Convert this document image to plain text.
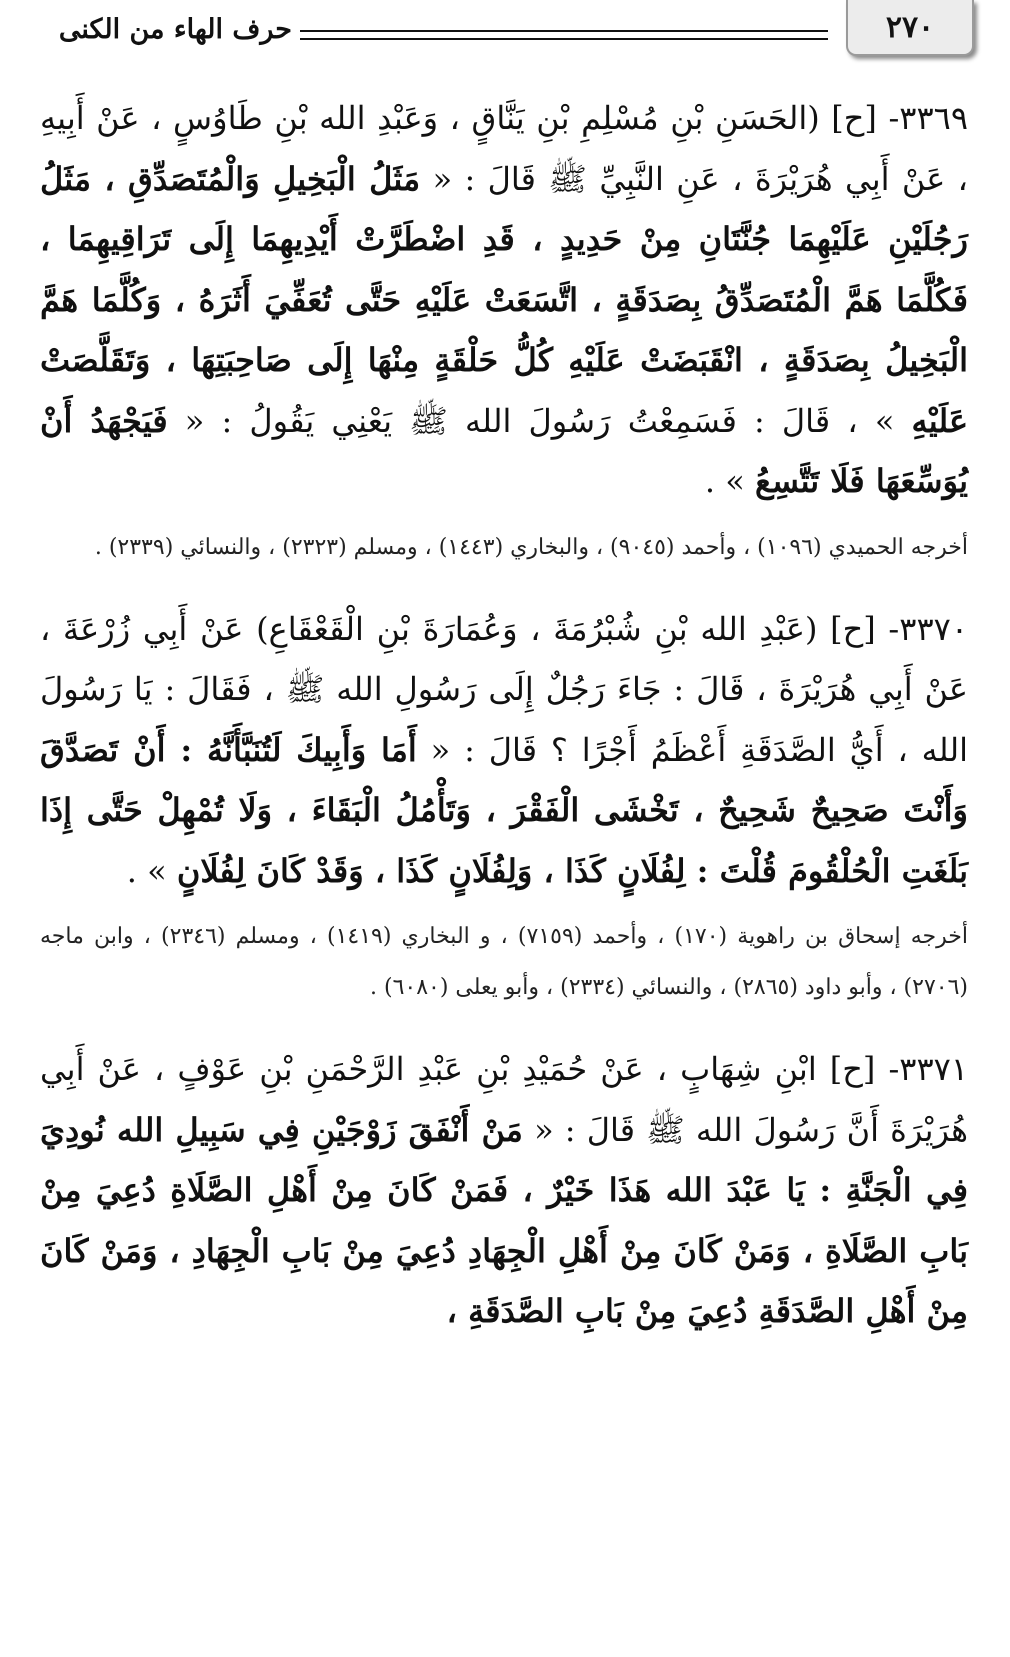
٢٧٠
حرف الهاء من الكنى

٣٣٦٩- [ح] (الحَسَنِ بْنِ مُسْلِمِ بْنِ يَنَّاقٍ ، وَعَبْدِ الله بْنِ طَاوُسٍ ، عَنْ أَبِيهِ ، عَنْ أَبِي هُرَيْرَةَ ، عَنِ النَّبِيِّ ﷺ قَالَ : « مَثَلُ الْبَخِيلِ وَالْمُتَصَدِّقِ ، مَثَلُ رَجُلَيْنِ عَلَيْهِمَا جُنَّتَانِ مِنْ حَدِيدٍ ، قَدِ اضْطَرَّتْ أَيْدِيهِمَا إِلَى تَرَاقِيهِمَا ، فَكُلَّمَا هَمَّ الْمُتَصَدِّقُ بِصَدَقَةٍ ، اتَّسَعَتْ عَلَيْهِ حَتَّى تُعَفِّيَ أَثَرَهُ ، وَكُلَّمَا هَمَّ الْبَخِيلُ بِصَدَقَةٍ ، انْقَبَضَتْ عَلَيْهِ كُلُّ حَلْقَةٍ مِنْهَا إِلَى صَاحِبَتِهَا ، وَتَقَلَّصَتْ عَلَيْهِ » ، قَالَ : فَسَمِعْتُ رَسُولَ الله ﷺ يَعْنِي يَقُولُ : « فَيَجْهَدُ أَنْ يُوَسِّعَهَا فَلَا تَتَّسِعُ » .

أخرجه الحميدي (١٠٩٦) ، وأحمد (٩٠٤٥) ، والبخاري (١٤٤٣) ، ومسلم (٢٣٢٣) ، والنسائي (٢٣٣٩) .

٣٣٧٠- [ح] (عَبْدِ الله بْنِ شُبْرُمَةَ ، وَعُمَارَةَ بْنِ الْقَعْقَاعِ) عَنْ أَبِي زُرْعَةَ ، عَنْ أَبِي هُرَيْرَةَ ، قَالَ : جَاءَ رَجُلٌ إِلَى رَسُولِ الله ﷺ ، فَقَالَ : يَا رَسُولَ الله ، أَيُّ الصَّدَقَةِ أَعْظَمُ أَجْرًا ؟ قَالَ : « أَمَا وَأَبِيكَ لَتُنَبَّأَنَّهُ : أَنْ تَصَدَّقَ وَأَنْتَ صَحِيحٌ شَحِيحٌ ، تَخْشَى الْفَقْرَ ، وَتَأْمُلُ الْبَقَاءَ ، وَلَا تُمْهِلْ حَتَّى إِذَا بَلَغَتِ الْحُلْقُومَ قُلْتَ : لِفُلَانٍ كَذَا ، وَلِفُلَانٍ كَذَا ، وَقَدْ كَانَ لِفُلَانٍ » .

أخرجه إسحاق بن راهوية (١٧٠) ، وأحمد (٧١٥٩) ، و البخاري (١٤١٩) ، ومسلم (٢٣٤٦) ، وابن ماجه (٢٧٠٦) ، وأبو داود (٢٨٦٥) ، والنسائي (٢٣٣٤) ، وأبو يعلى (٦٠٨٠) .

٣٣٧١- [ح] ابْنِ شِهَابٍ ، عَنْ حُمَيْدِ بْنِ عَبْدِ الرَّحْمَنِ بْنِ عَوْفٍ ، عَنْ أَبِي هُرَيْرَةَ أَنَّ رَسُولَ الله ﷺ قَالَ : « مَنْ أَنْفَقَ زَوْجَيْنِ فِي سَبِيلِ الله نُودِيَ فِي الْجَنَّةِ : يَا عَبْدَ الله هَذَا خَيْرٌ ، فَمَنْ كَانَ مِنْ أَهْلِ الصَّلَاةِ دُعِيَ مِنْ بَابِ الصَّلَاةِ ، وَمَنْ كَانَ مِنْ أَهْلِ الْجِهَادِ دُعِيَ مِنْ بَابِ الْجِهَادِ ، وَمَنْ كَانَ مِنْ أَهْلِ الصَّدَقَةِ دُعِيَ مِنْ بَابِ الصَّدَقَةِ ،
